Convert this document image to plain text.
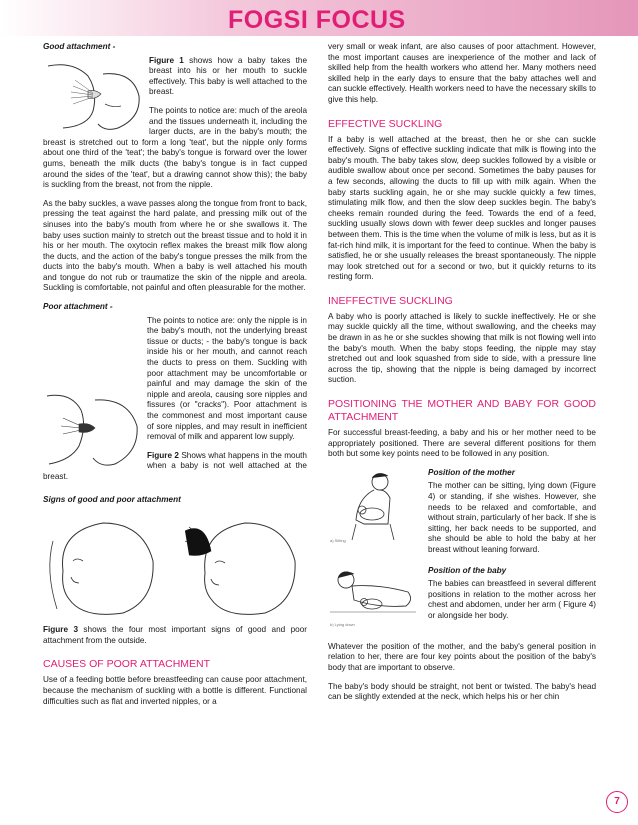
FOGSI FOCUS
Good attachment -

Figure 1 shows how a baby takes the breast into his or her mouth to suckle effectively. This baby is well attached to the breast.

The points to notice are: much of the areola and the tissues underneath it, including the larger ducts, are in the baby's mouth; the breast is stretched out to form a long 'teat', but the nipple only forms about one third of the 'teat'; the baby's tongue is forward over the lower gums, beneath the milk ducts (the baby's tongue is in fact cupped around the sides of the 'teat', but a drawing cannot show this); the baby is suckling from the breast, not from the nipple.

As the baby suckles, a wave passes along the tongue from front to back, pressing the teat against the hard palate, and pressing milk out of the sinuses into the baby's mouth from where he or she swallows it. The baby uses suction mainly to stretch out the breast tissue and to hold it in his or her mouth. The oxytocin reflex makes the breast milk flow along the ducts, and the action of the baby's tongue presses the milk from the ducts into the baby's mouth. When a baby is well attached his mouth and tongue do not rub or traumatize the skin of the nipple and areola. Suckling is comfortable, not painful and often pleasurable for the mother.

Poor attachment -

The points to notice are: only the nipple is in the baby's mouth, not the underlying breast tissue or ducts; - the baby's tongue is back inside his or her mouth, and cannot reach the ducts to press on them. Suckling with poor attachment may be uncomfortable or painful and may damage the skin of the nipple and areola, causing sore nipples and fissures (or "cracks"). Poor attachment is the commonest and most important cause of sore nipples, and may result in inefficient removal of milk and apparent low supply.

Figure 2 Shows what happens in the mouth when a baby is not well attached at the breast.

Signs of good and poor attachment

Figure 3 shows the four most important signs of good and poor attachment from the outside.

CAUSES OF POOR ATTACHMENT

Use of a feeding bottle before breastfeeding can cause poor attachment, because the mechanism of suckling with a bottle is different. Functional difficulties such as flat and inverted nipples, or a

very small or weak infant, are also causes of poor attachment. However, the most important causes are inexperience of the mother and lack of skilled help from the health workers who attend her. Many mothers need skilled help in the early days to ensure that the baby attaches well and can suckle effectively. Health workers need to have the necessary skills to give this help.

EFFECTIVE SUCKLING

If a baby is well attached at the breast, then he or she can suckle effectively. Signs of effective suckling indicate that milk is flowing into the baby's mouth. The baby takes slow, deep suckles followed by a visible or audible swallow about once per second. Sometimes the baby pauses for a few seconds, allowing the ducts to fill up with milk again. When the baby starts suckling again, he or she may suckle quickly a few times, stimulating milk flow, and then the slow deep suckles begin. The baby's cheeks remain rounded during the feed. Towards the end of a feed, suckling usually slows down with fewer deep suckles and longer pauses between them. This is the time when the volume of milk is less, but as it is fat-rich hind milk, it is important for the feed to continue. When the baby is satisfied, he or she usually releases the breast spontaneously. The nipple may look stretched out for a second or two, but it quickly returns to its resting form.

INEFFECTIVE SUCKLING

A baby who is poorly attached is likely to suckle ineffectively. He or she may suckle quickly all the time, without swallowing, and the cheeks may be drawn in as he or she suckles showing that milk is not flowing well into the baby's mouth. When the baby stops feeding, the nipple may stay stretched out and look squashed from side to side, with a pressure line across the tip, showing that the nipple is being damaged by incorrect suction.

POSITIONING THE MOTHER AND BABY FOR GOOD ATTACHMENT

For successful breast-feeding, a baby and his or her mother need to be appropriately positioned. There are several different positions for them both but some key points need to be followed in any position.

a) Sitting
b) Lying down
Position of the mother

The mother can be sitting, lying down (Figure 4) or standing, if she wishes. However, she needs to be relaxed and comfortable, and without strain, particularly of her back. If she is sitting, her back needs to be supported, and she should be able to hold the baby at her breast without leaning forward.

Position of the baby

The babies can breastfeed in several different positions in relation to the mother across her chest and abdomen, under her arm ( Figure 4) or alongside her body.

Whatever the position of the mother, and the baby's general position in relation to her, there are four key points about the position of the baby's body that are important to observe.

The baby's body should be straight, not bent or twisted. The baby's head can be slightly extended at the neck, which helps his or her chin

7
